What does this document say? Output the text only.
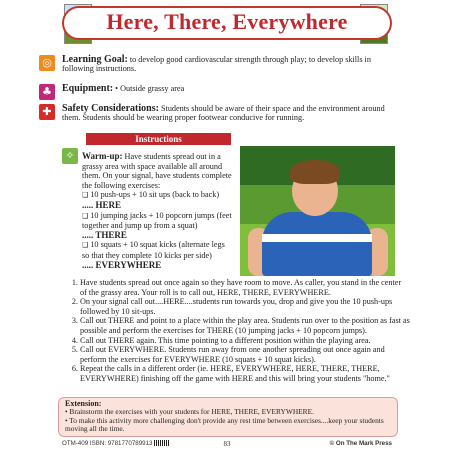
Here, There, Everywhere
◎	Learning Goal: to develop good cardiovascular strength through play; to develop skills in following instructions.
♣	Equipment: • Outside grassy area
✚	Safety Considerations: Students should be aware of their space and the environment around them. Students should be wearing proper footwear conducive for running.
Instructions
✧ Warm-up: Have students spread out in a grassy area with space available all around them. On your signal, have students complete the following exercises:
❑ 10 push-ups + 10 sit ups (back to back)
..... HERE
❑ 10 jumping jacks + 10 popcorn jumps (feet together and jump up from a squat)
..... THERE
❑ 10 squats + 10 squat kicks (alternate legs so that they complete 10 kicks per side)
..... EVERYWHERE
1. Have students spread out once again so they have room to move. As caller, you stand in the center of the grassy area. Your roll is to call out, HERE, THERE, EVERYWHERE.
2. On your signal call out....HERE....students run towards you, drop and give you the 10 push-ups followed by 10 sit-ups.
3. Call out THERE and point to a place within the play area. Students run over to the position as fast as possible and perform the exercises for THERE (10 jumping jacks + 10 popcorn jumps).
4. Call out THERE again. This time pointing to a different position within the playing area.
5. Call out EVERYWHERE. Students run away from one another spreading out once again and perform the exercises for EVERYWHERE (10 squats + 10 squat kicks).
6. Repeat the calls in a different order (ie. HERE, EVERYWHERE, HERE, THERE, THERE, EVERYWHERE) finishing off the game with HERE and this will bring your students "home."
Extension:
• Brainstorm the exercises with your students for HERE, THERE, EVERYWHERE.
• To make this activity more challenging don't provide any rest time between exercises....keep your students moving all the time.
OTM-409 ISBN: 9781770789913	83	© On The Mark Press
